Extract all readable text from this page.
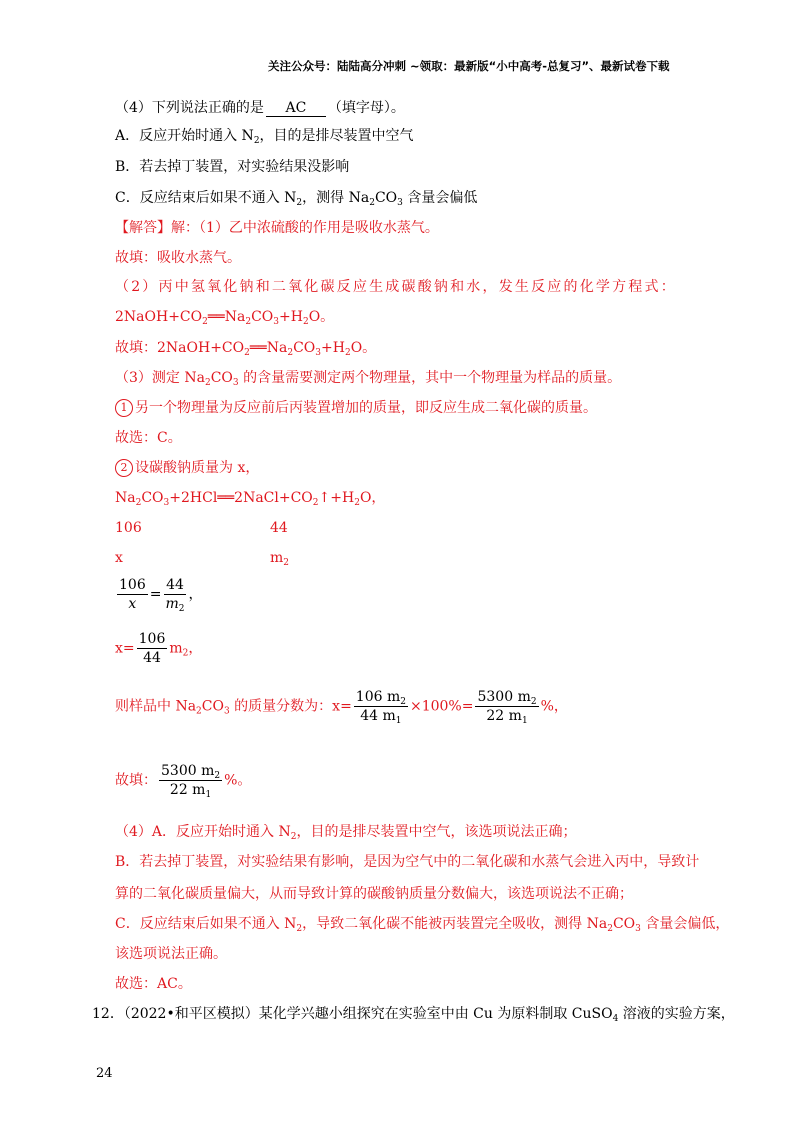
关注公众号：陆陆高分冲刺 ~领取：最新版“小中高考-总复习”、最新试卷下载
（4）下列说法正确的是 AC （填字母）。
A．反应开始时通入 $N_2$，目的是排尽装置中空气
B．若去掉丁装置，对实验结果没影响
C．反应结束后如果不通入 $N_2$，测得 $Na_2CO_3$ 含量会偏低
【解答】解：（1）乙中浓硫酸的作用是吸收水蒸气。
故填：吸收水蒸气。
（2）丙中氢氧化钠和二氧化碳反应生成碳酸钠和水，发生反应的化学方程式：
$2NaOH+CO_2══Na_2CO_3+H_2O$。
故填：$2NaOH+CO_2══Na_2CO_3+H_2O$。
（3）测定 $Na_2CO_3$ 的含量需要测定两个物理量，其中一个物理量为样品的质量。
1 另一个物理量为反应前后丙装置增加的质量，即反应生成二氧化碳的质量。
故选：C。
2 设碳酸钠质量为 x，
$Na_2CO_3+2HCl══2NaCl+CO_2↑+H_2O$，
106	44
x	$m_2$
$\frac{106}{x} = \frac{44}{m_2}$ ，
$x= \frac{106}{44} m_2$，
则样品中 $Na_2CO_3$ 的质量分数为：$x= \frac{106 m_2}{44 m_1} \times 100\%= \frac{5300 m_2}{22 m_1}$ %，
故填： $\frac{5300 m_2}{22 m_1}$ %。
（4）A．反应开始时通入 $N_2$，目的是排尽装置中空气，该选项说法正确；
B．若去掉丁装置，对实验结果有影响，是因为空气中的二氧化碳和水蒸气会进入丙中，导致计
算的二氧化碳质量偏大，从而导致计算的碳酸钠质量分数偏大，该选项说法不正确；
C．反应结束后如果不通入 $N_2$，导致二氧化碳不能被丙装置完全吸收，测得 $Na_2CO_3$ 含量会偏低，
该选项说法正确。
故选：AC。
12．（2022•和平区模拟）某化学兴趣小组探究在实验室中由 Cu 为原料制取 CuSO$_4$ 溶液的实验方案，
24
